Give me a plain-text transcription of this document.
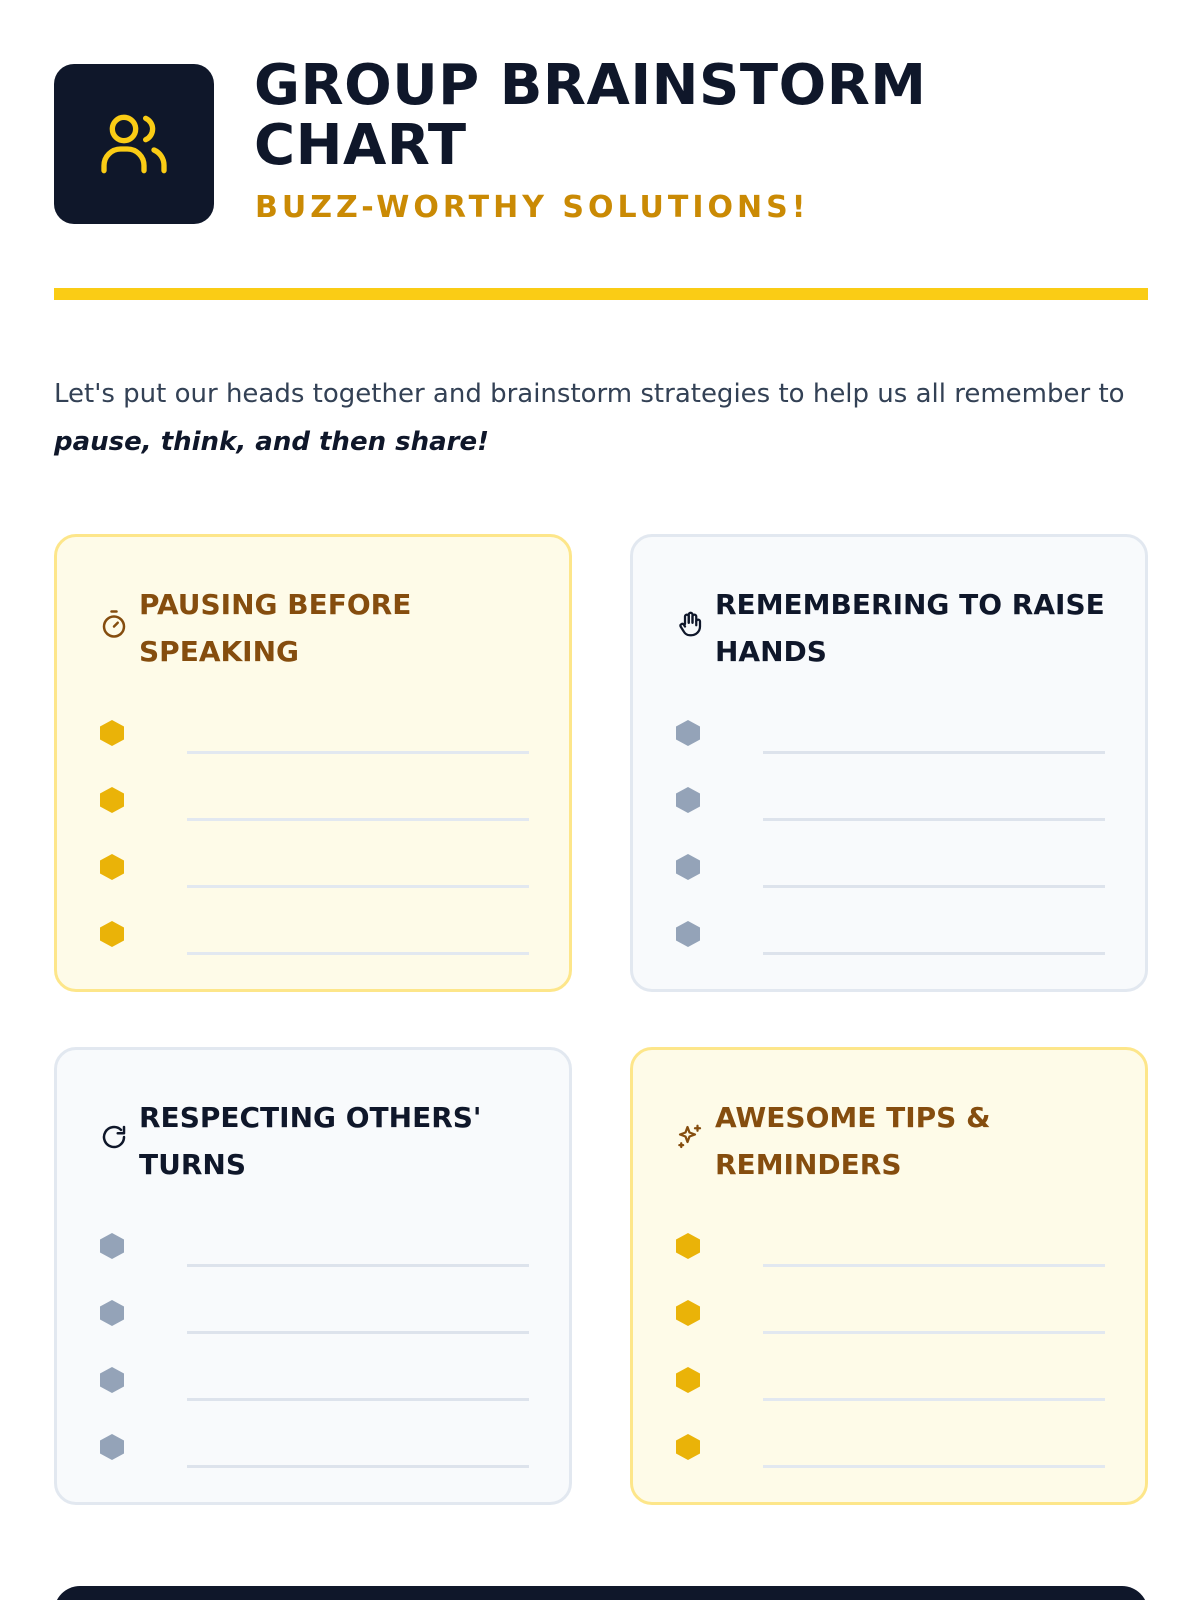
GROUP BRAINSTORM
CHART
BUZZ-WORTHY SOLUTIONS!

Let's put our heads together and brainstorm strategies to help us all remember to pause, think, and then share!

PAUSING BEFORE SPEAKING
REMEMBERING TO RAISE HANDS
RESPECTING OTHERS' TURNS
AWESOME TIPS & REMINDERS
